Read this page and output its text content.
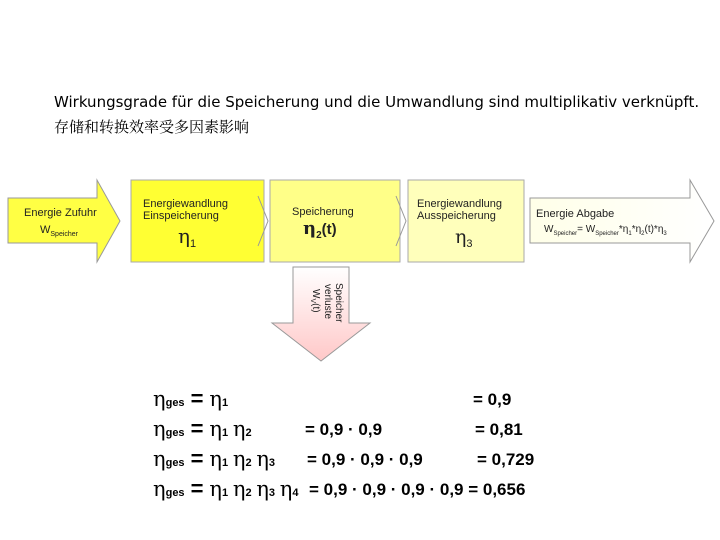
Wirkungsgrade für die Speicherung und die Umwandlung sind multiplikativ verknüpft.
存储和转换效率受多因素影响
Energie Zufuhr
$W_{Speicher}$
Energiewandlung
Einspeicherung
$\eta_1$
Speicherung
$\eta_2^{(t)}$
Energiewandlung
Ausspeicherung
$\eta_3$
Energie Abgabe
$W_{Speicher}= W_{Speicher}*\eta_1*\eta_2(t)*\eta_3$
Speicher
verluste
$W_V(t)$
ηges = η1	= 0,9
ηges = η1 η2	= 0,9 · 0,9	= 0,81
ηges = η1 η2 η3 = 0,9 · 0,9 · 0,9	= 0,729
ηges = η1 η2 η3 η4 = 0,9 · 0,9 · 0,9 · 0,9 = 0,656
